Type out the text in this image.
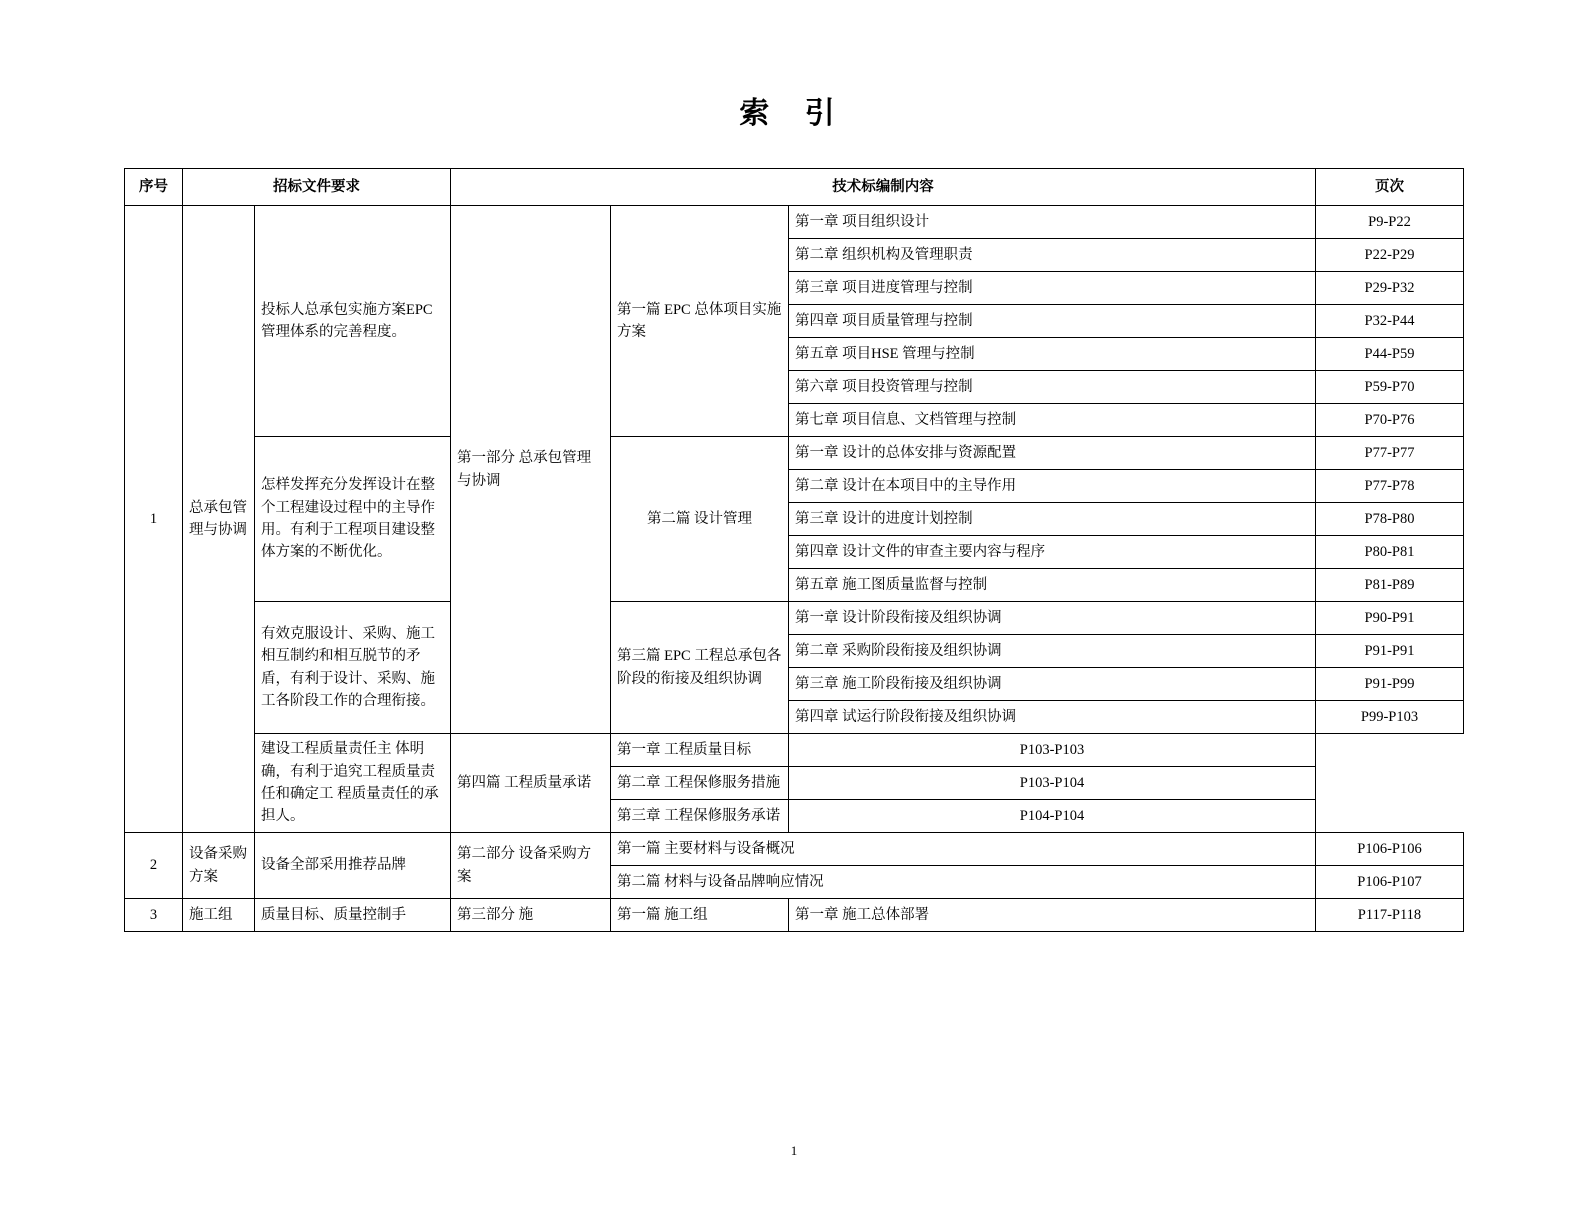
索 引
序号	招标文件要求		技术标编制内容			页次
1	总承包管理与协调	投标人总承包实施方案EPC管理体系的完善程度。	第一部分 总承包管理与协调	第一篇 EPC 总体项目实施方案	第一章 项目组织设计	P9-P22
					第二章 组织机构及管理职责	P22-P29
					第三章 项目进度管理与控制	P29-P32
					第四章 项目质量管理与控制	P32-P44
					第五章 项目HSE 管理与控制	P44-P59
					第六章 项目投资管理与控制	P59-P70
					第七章 项目信息、文档管理与控制	P70-P76
		怎样发挥充分发挥设计在整个工程建设过程中的主导作用。有利于工程项目建设整体方案的不断优化。		第二篇 设计管理	第一章 设计的总体安排与资源配置	P77-P77
					第二章 设计在本项目中的主导作用	P77-P78
					第三章 设计的进度计划控制	P78-P80
					第四章 设计文件的审查主要内容与程序	P80-P81
					第五章 施工图质量监督与控制	P81-P89
		有效克服设计、采购、施工相互制约和相互脱节的矛盾，有利于设计、采购、施工各阶段工作的合理衔接。		第三篇 EPC 工程总承包各阶段的衔接及组织协调	第一章 设计阶段衔接及组织协调	P90-P91
					第二章 采购阶段衔接及组织协调	P91-P91
					第三章 施工阶段衔接及组织协调	P91-P99
					第四章 试运行阶段衔接及组织协调	P99-P103
		建设工程质量责任主 体明确，有利于追究工程质量责任和确定工 程质量责任的承担人。	第四篇 工程质量承诺	第一章 工程质量目标	P103-P103	
				第二章 工程保修服务措施	P103-P104	
				第三章 工程保修服务承诺	P104-P104	
2	设备采购方案	设备全部采用推荐品牌	第二部分 设备采购方案	第一篇 主要材料与设备概况		P106-P106
				第二篇 材料与设备品牌响应情况		P106-P107
3	施工组	质量目标、质量控制手	第三部分 施	第一篇 施工组	第一章 施工总体部署	P117-P118
1
